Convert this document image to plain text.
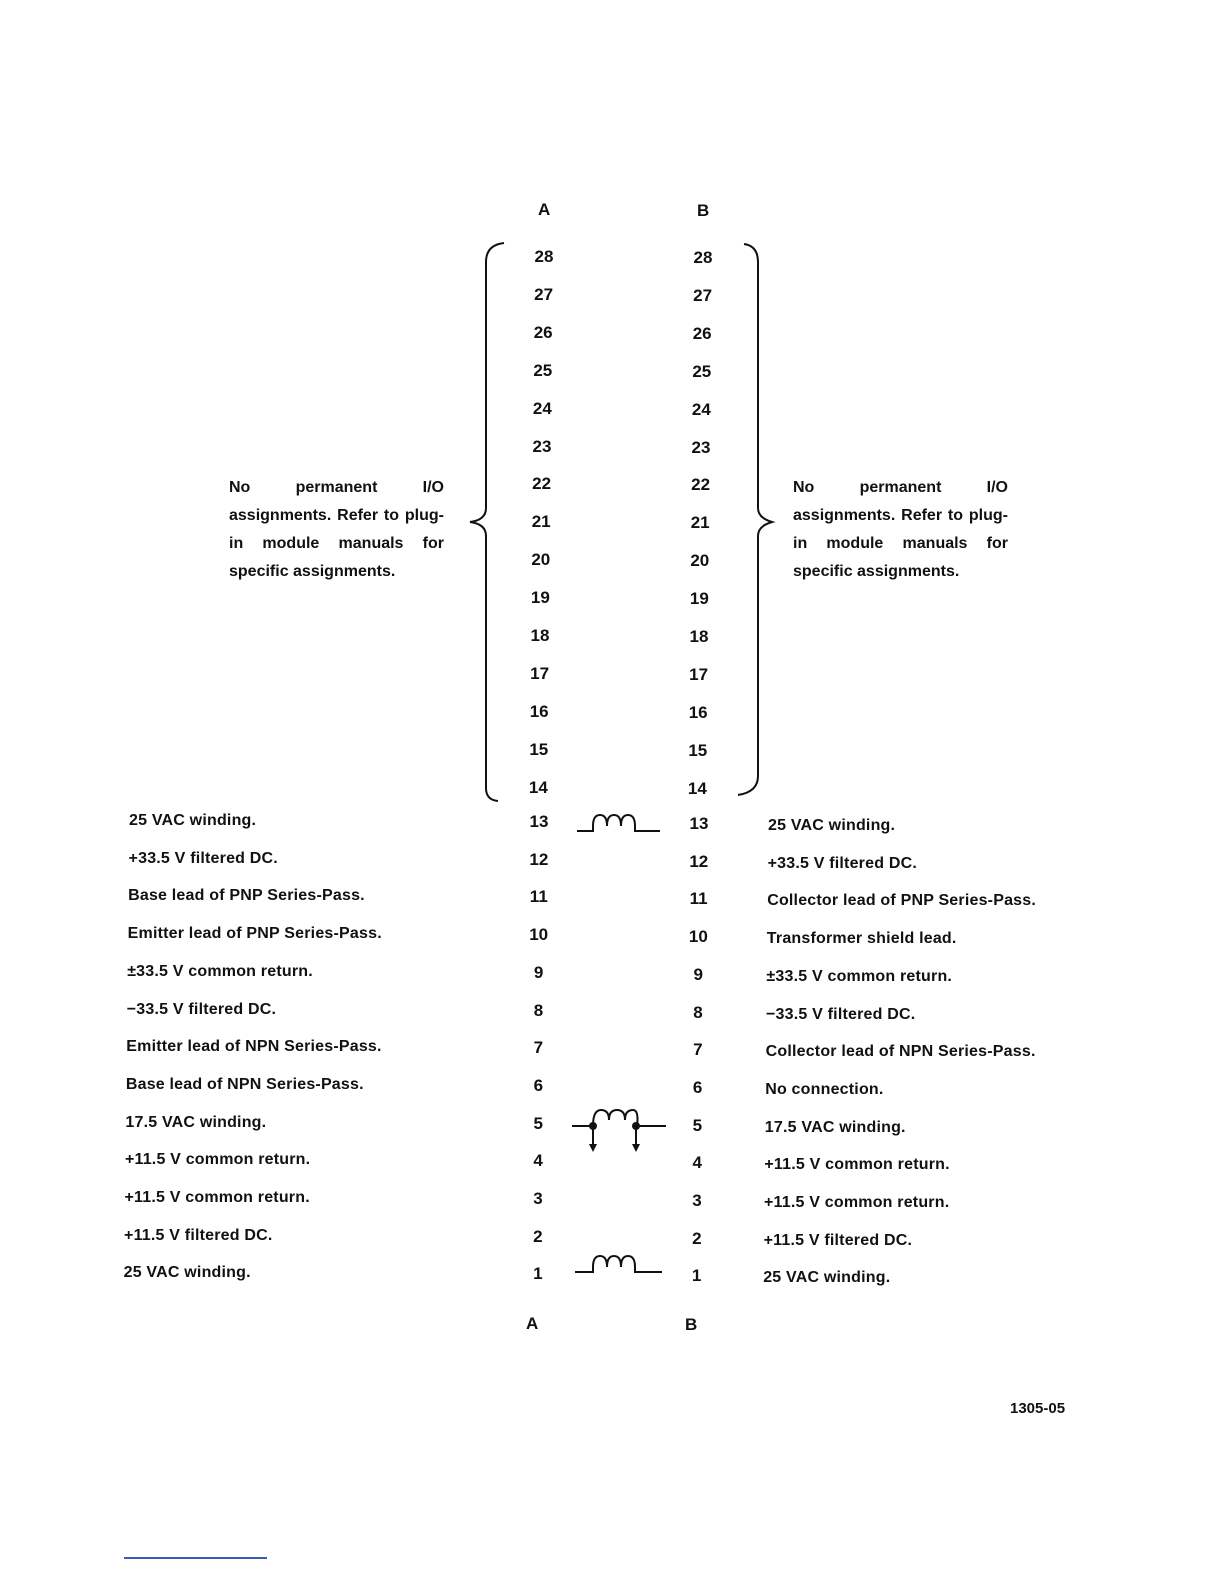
A	B
A	B
No permanent I/O assignments. Refer to plug-in module manuals for specific assignments.
No permanent I/O assignments. Refer to plug-in module manuals for specific assignments.
28	28
27	27
26	26
25	25
24	24
23	23
22	22
21	21
20	20
19	19
18	18
17	17
16	16
15	15
14	14
25 VAC winding.	13	13	25 VAC winding.
+33.5 V filtered DC.	12	12	+33.5 V filtered DC.
Base lead of PNP Series-Pass.	11	11	Collector lead of PNP Series-Pass.
Emitter lead of PNP Series-Pass.	10	10	Transformer shield lead.
±33.5 V common return.	9	9	±33.5 V common return.
−33.5 V filtered DC.	8	8	−33.5 V filtered DC.
Emitter lead of NPN Series-Pass.	7	7	Collector lead of NPN Series-Pass.
Base lead of NPN Series-Pass.	6	6	No connection.
17.5 VAC winding.	5	5	17.5 VAC winding.
+11.5 V common return.	4	4	+11.5 V common return.
+11.5 V common return.	3	3	+11.5 V common return.
+11.5 V filtered DC.	2	2	+11.5 V filtered DC.
25 VAC winding.	1	1	25 VAC winding.
1305-05
